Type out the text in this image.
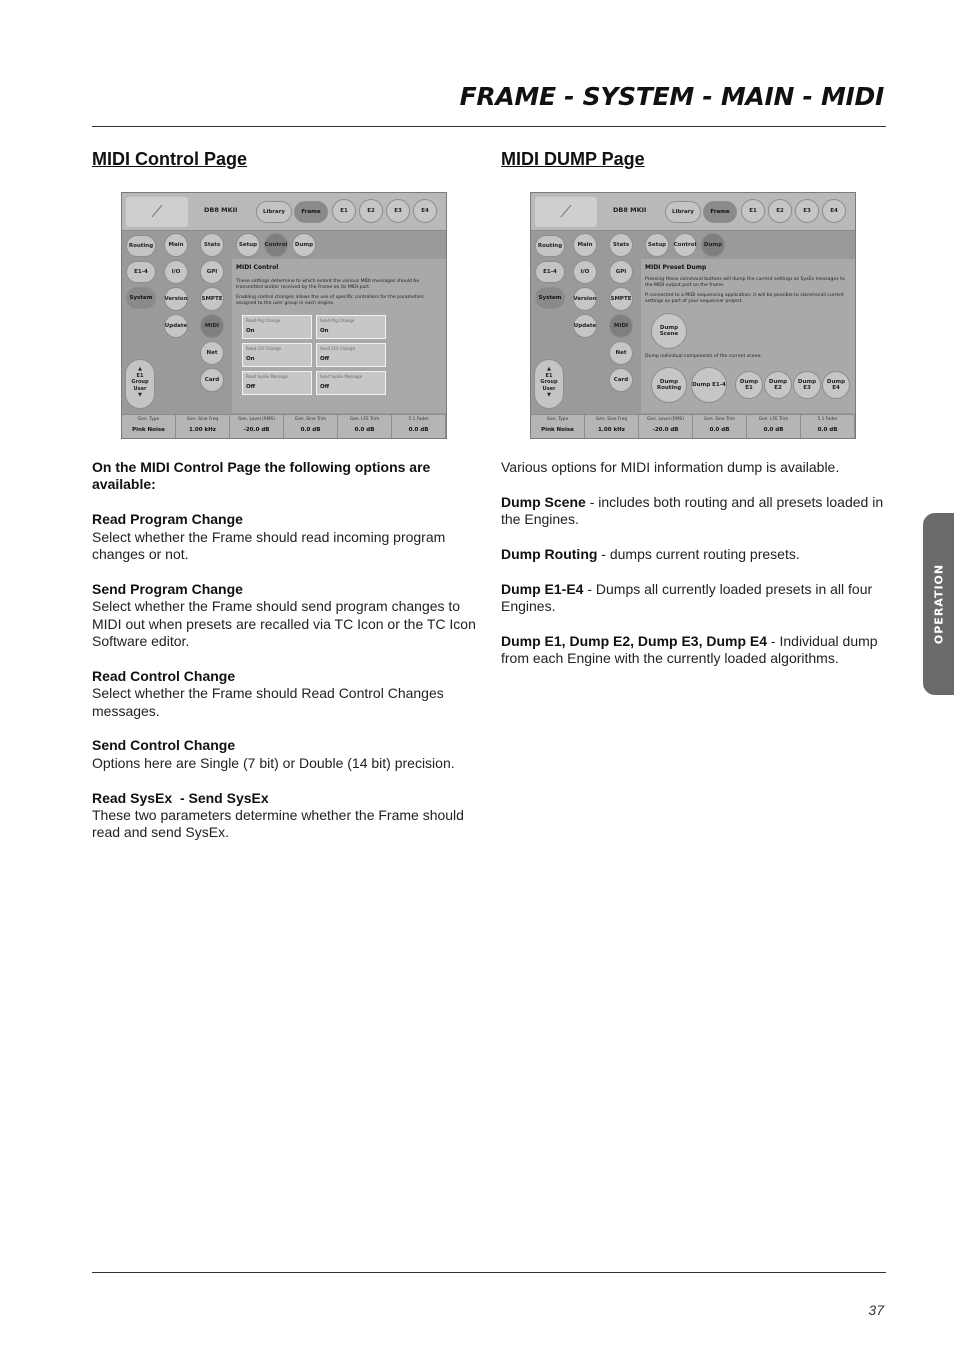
FRAME - SYSTEM - MAIN - MIDI
MIDI Control Page
⟋	DB8 MKII	Library	Frame	E1	E2	E3	E4
Routing
E1-4
System
Main
I/O
Version
Update
Stats
GPI
SMPTE
MIDI
Net
Card
▲
E1
Group
User
▼
Setup	Control	Dump
MIDI Control
These settings determine to which extent the various MIDI messages should be transmitted and/or received by the Frame on its MIDI port.
Enabling control changes allows the use of specific controllers for the parameters assigned to the user group in each engine.
Read Prg Change
On
Send Prg Change
On
Read Ctrl Change
On
Send Ctrl Change
Off
Read SysEx Message
Off
Send SysEx Message
Off
Gen. Type
Pink Noise
Gen. Sine Freq
1.00 kHz
Gen. Level (RMS)
-20.0 dB
Gen. Sine Trim
0.0 dB
Gen. LFE Trim
0.0 dB
5.1 Fader
0.0 dB

On the MIDI Control Page the following options are available:

Read Program Change
Select whether the Frame should read incoming program changes or not.

Send Program Change
Select whether the Frame should send program changes to MIDI out when presets are recalled via TC Icon or the TC Icon Software editor.

Read Control Change
Select whether the Frame should Read Control Changes messages.

Send Control Change
Options here are Single (7 bit) or Double (14 bit) precision.

Read SysEx  - Send SysEx
These two parameters determine whether the Frame should read and send SysEx.

MIDI DUMP Page
⟋	DB8 MKII	Library	Frame	E1	E2	E3	E4
Routing
E1-4
System
Main
I/O
Version
Update
Stats
GPI
SMPTE
MIDI
Net
Card
▲
E1
Group
User
▼
Setup	Control	Dump
MIDI Preset Dump
Pressing these command buttons will dump the current settings as SysEx messages to the MIDI output port on the frame.
If connected to a MIDI sequencing application, it will be possible to store/recall current settings as part of your sequencer project.
Dump Scene
Dump individual components of the current scene:
Dump Routing	Dump E1-4	Dump E1
Dump E2
Dump E3
Dump E4
Gen. Type
Pink Noise
Gen. Sine Freq
1.00 kHz
Gen. Level (RMS)
-20.0 dB
Gen. Sine Trim
0.0 dB
Gen. LFE Trim
0.0 dB
5.1 Fader
0.0 dB

Various options for MIDI information dump is available.

Dump Scene - includes both routing and all presets loaded in the Engines.

Dump Routing - dumps current routing presets.

Dump E1-E4 - Dumps all currently loaded presets in all four Engines.

Dump E1, Dump E2, Dump E3, Dump E4 - Individual dump from each Engine with the currently loaded algorithms.

OPERATION
37
